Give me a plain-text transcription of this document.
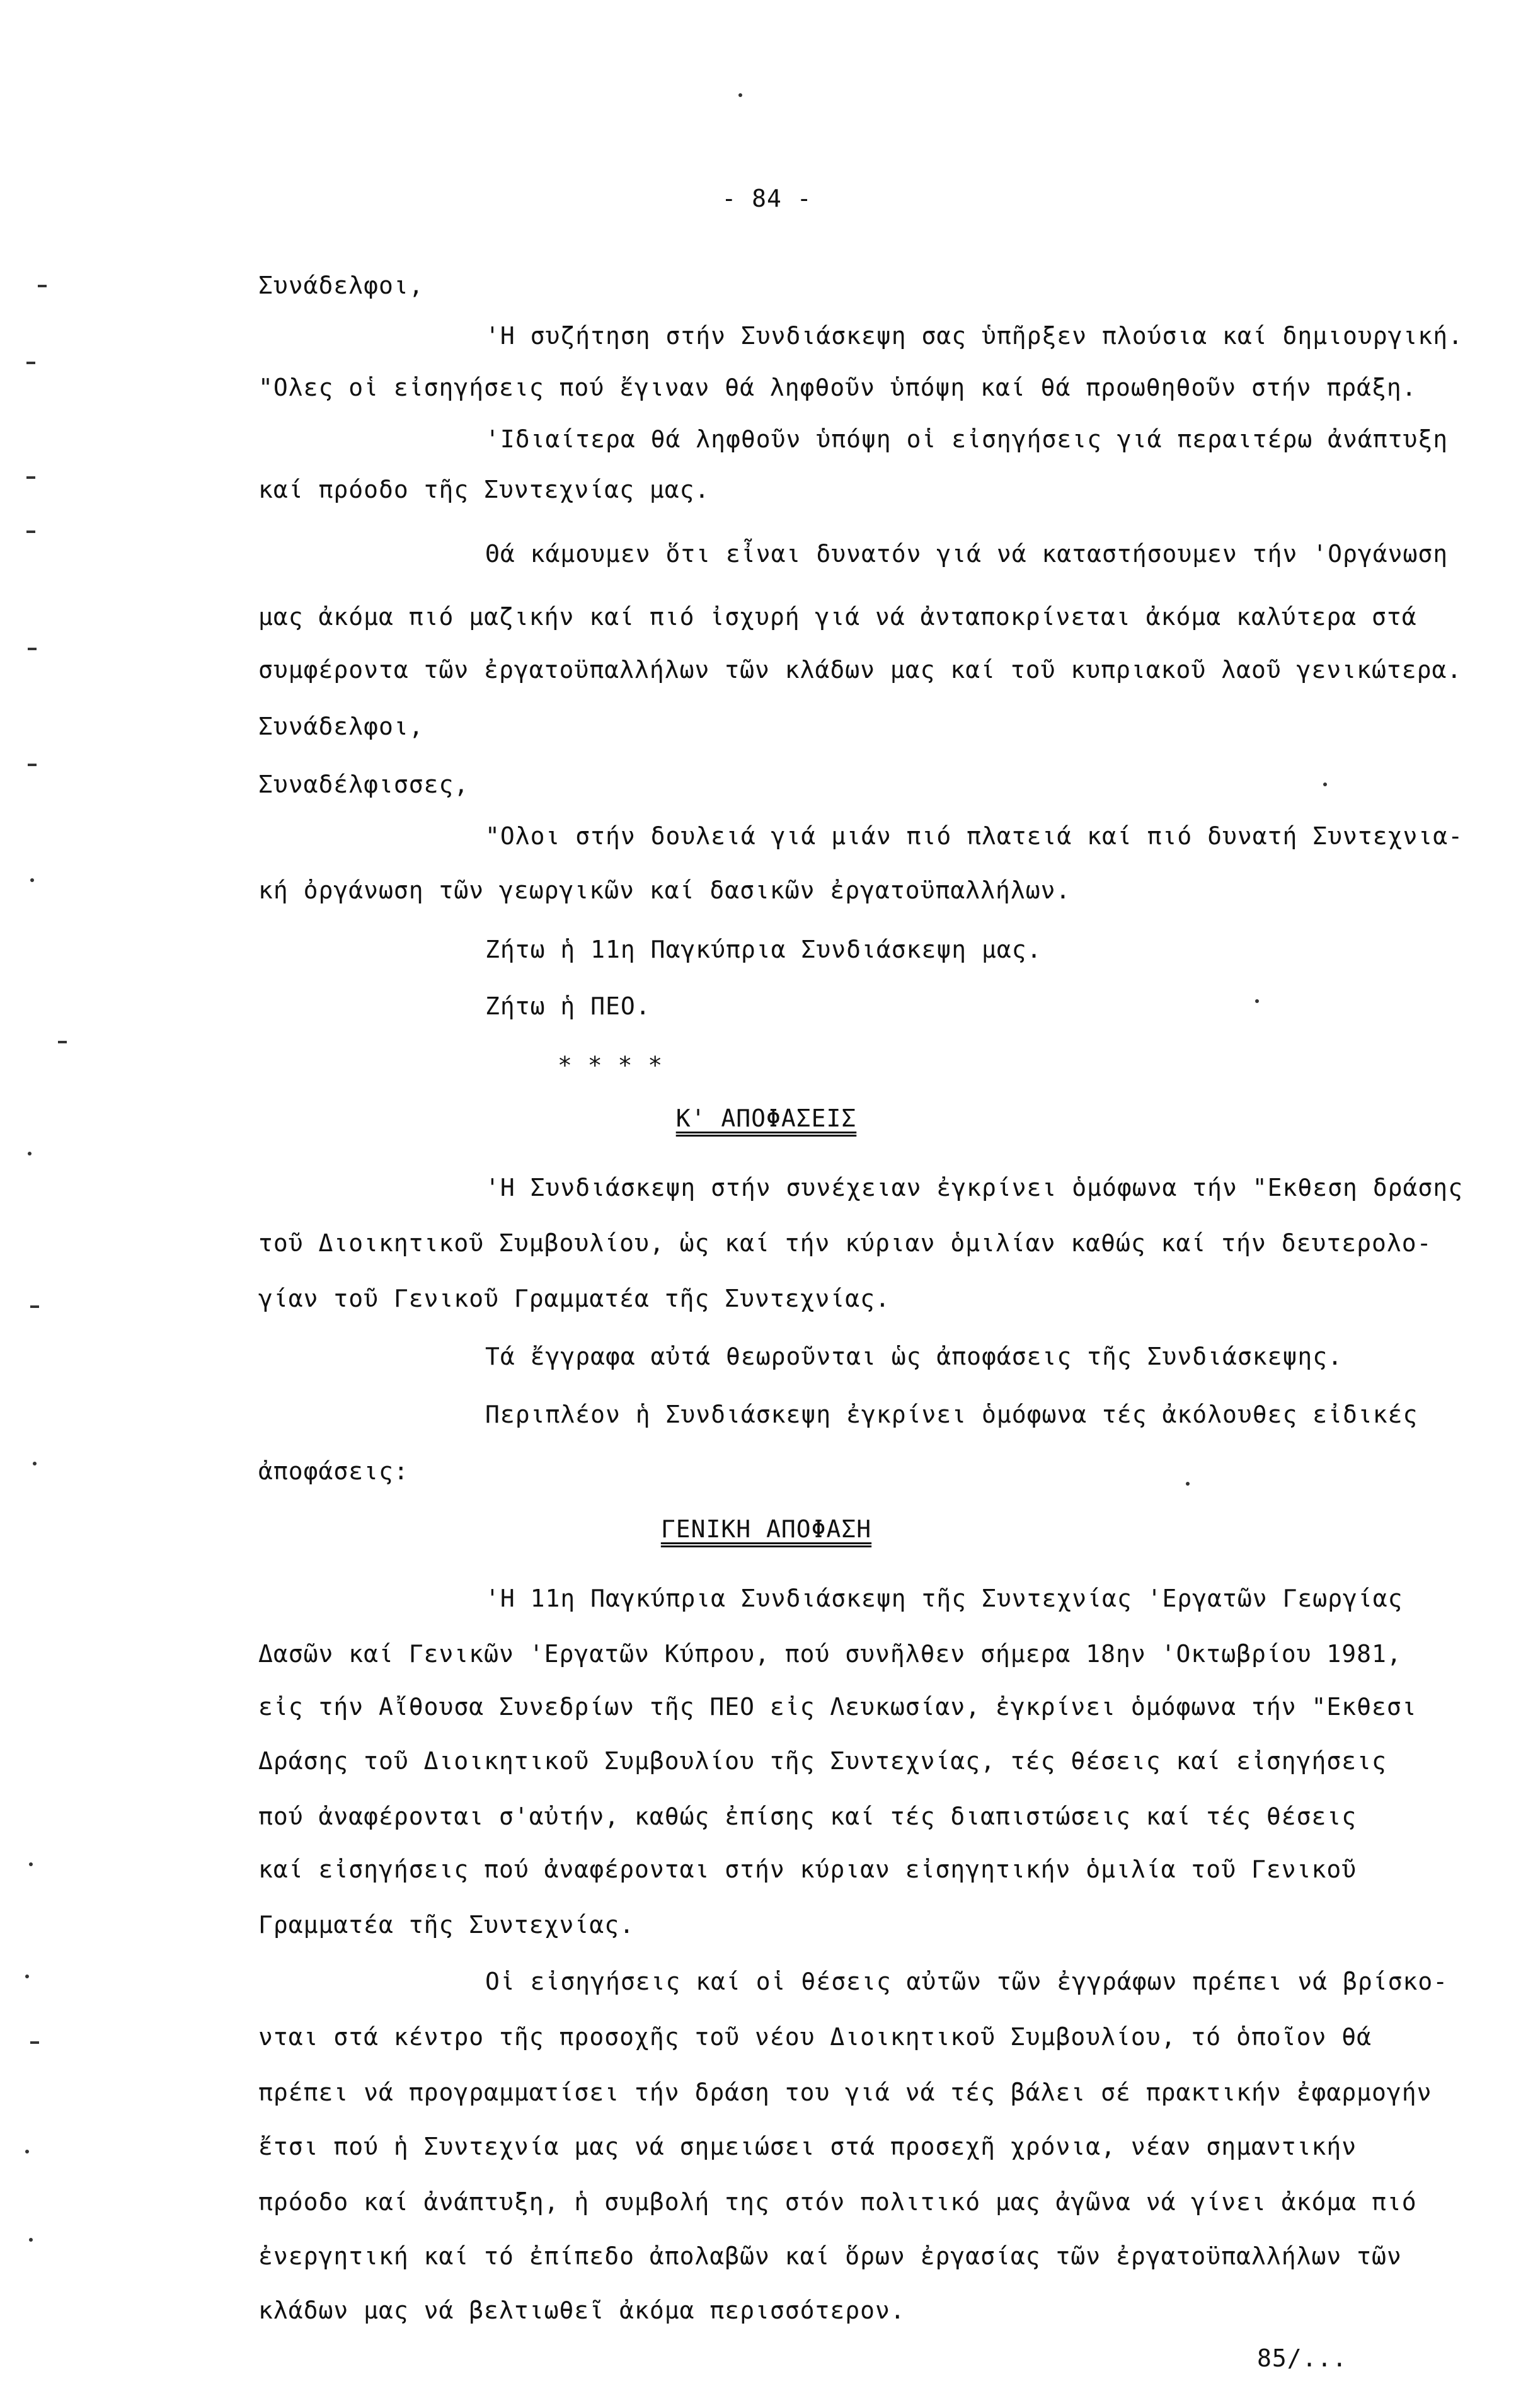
- 84 -
Συνάδελφοι,
'Η συζήτηση στήν Συνδιάσκεψη σας ὑπῆρξεν πλούσια καί δημιουργική.
"Ολες οἱ εἰσηγήσεις πού ἔγιναν θά ληφθοῦν ὑπόψη καί θά προωθηθοῦν στήν πράξη.
'Ιδιαίτερα θά ληφθοῦν ὑπόψη οἱ εἰσηγήσεις γιά περαιτέρω ἀνάπτυξη
καί πρόοδο τῆς Συντεχνίας μας.
Θά κάμουμεν ὅτι εἶναι δυνατόν γιά νά καταστήσουμεν τήν 'Οργάνωση
μας ἀκόμα πιό μαζικήν καί πιό ἰσχυρή γιά νά ἀνταποκρίνεται ἀκόμα καλύτερα στά
συμφέροντα τῶν ἐργατοϋπαλλήλων τῶν κλάδων μας καί τοῦ κυπριακοῦ λαοῦ γενικώτερα.
Συνάδελφοι,
Συναδέλφισσες,
"Ολοι στήν δουλειά γιά μιάν πιό πλατειά καί πιό δυνατή Συντεχνια-
κή ὀργάνωση τῶν γεωργικῶν καί δασικῶν ἐργατοϋπαλλήλων.
Ζήτω ἡ 11η Παγκύπρια Συνδιάσκεψη μας.
Ζήτω ἡ ΠΕΟ.
* * * *
Κ' ΑΠΟΦΑΣΕΙΣ
'Η Συνδιάσκεψη στήν συνέχειαν ἐγκρίνει ὁμόφωνα τήν "Εκθεση δράσης
τοῦ Διοικητικοῦ Συμβουλίου, ὡς καί τήν κύριαν ὁμιλίαν καθώς καί τήν δευτερολο-
γίαν τοῦ Γενικοῦ Γραμματέα τῆς Συντεχνίας.
Τά ἔγγραφα αὐτά θεωροῦνται ὡς ἀποφάσεις τῆς Συνδιάσκεψης.
Περιπλέον ἡ Συνδιάσκεψη ἐγκρίνει ὁμόφωνα τές ἀκόλουθες εἰδικές
ἀποφάσεις:
ΓΕΝΙΚΗ ΑΠΟΦΑΣΗ
'Η 11η Παγκύπρια Συνδιάσκεψη τῆς Συντεχνίας 'Εργατῶν Γεωργίας
Δασῶν καί Γενικῶν 'Εργατῶν Κύπρου, πού συνῆλθεν σήμερα 18ην 'Οκτωβρίου 1981,
εἰς τήν Αἴθουσα Συνεδρίων τῆς ΠΕΟ εἰς Λευκωσίαν, ἐγκρίνει ὁμόφωνα τήν "Εκθεσι
Δράσης τοῦ Διοικητικοῦ Συμβουλίου τῆς Συντεχνίας, τές θέσεις καί εἰσηγήσεις
πού ἀναφέρονται σ'αὐτήν, καθώς ἐπίσης καί τές διαπιστώσεις καί τές θέσεις
καί εἰσηγήσεις πού ἀναφέρονται στήν κύριαν εἰσηγητικήν ὁμιλία τοῦ Γενικοῦ
Γραμματέα τῆς Συντεχνίας.
Οἱ εἰσηγήσεις καί οἱ θέσεις αὐτῶν τῶν ἐγγράφων πρέπει νά βρίσκο-
νται στά κέντρο τῆς προσοχῆς τοῦ νέου Διοικητικοῦ Συμβουλίου, τό ὁποῖον θά
πρέπει νά προγραμματίσει τήν δράση του γιά νά τές βάλει σέ πρακτικήν ἐφαρμογήν
ἔτσι πού ἡ Συντεχνία μας νά σημειώσει στά προσεχῆ χρόνια, νέαν σημαντικήν
πρόοδο καί ἀνάπτυξη, ἡ συμβολή της στόν πολιτικό μας ἀγῶνα νά γίνει ἀκόμα πιό
ἐνεργητική καί τό ἐπίπεδο ἀπολαβῶν καί ὅρων ἐργασίας τῶν ἐργατοϋπαλλήλων τῶν
κλάδων μας νά βελτιωθεῖ ἀκόμα περισσότερον.
85/...
